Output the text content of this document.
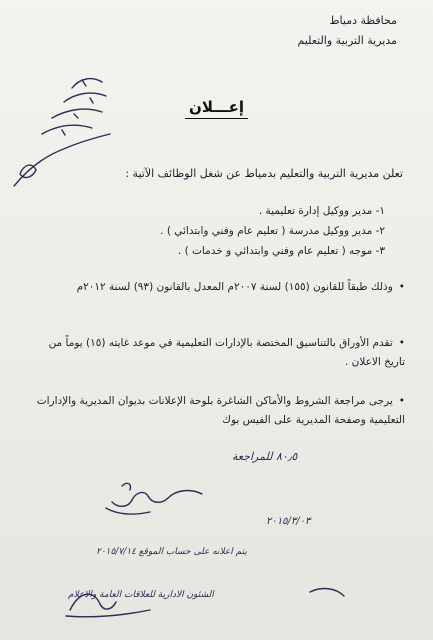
محافظة دمياط
مديرية التربية والتعليم
إعـــلان
تعلن مديرية التربية والتعليم بدمياط عن شغل الوظائف الآتية :
١- مدير ووكيل إدارة تعليمية .
٢- مدير ووكيل مدرسة ( تعليم عام وفني وابتدائي ) .
٣- موجه ( تعليم عام وفني وابتدائي و خدمات ) .
•وذلك طبقاً للقانون (١٥٥) لسنة ٢٠٠٧م المعدل بالقانون (٩٣) لسنة ٢٠١٢م
•تقدم الأوراق بالتناسيق المختصة بالإدارات التعليمية في موعد غايته (١٥) يوماً من تاريخ الاعلان .
•يرجى مراجعة الشروط والأماكن الشاغرة بلوحة الإعلانات بديوان المديرية والإدارات التعليمية وصفحة المديرية على الفيس بوك
٨٠٫٥ للمراجعة
٢٠١٥/٣/٠٣
يتم اعلانه على حساب الموقع ٢٠١٥/٧/١٤
الشئون الادارية للعلاقات العامة والاعلام
